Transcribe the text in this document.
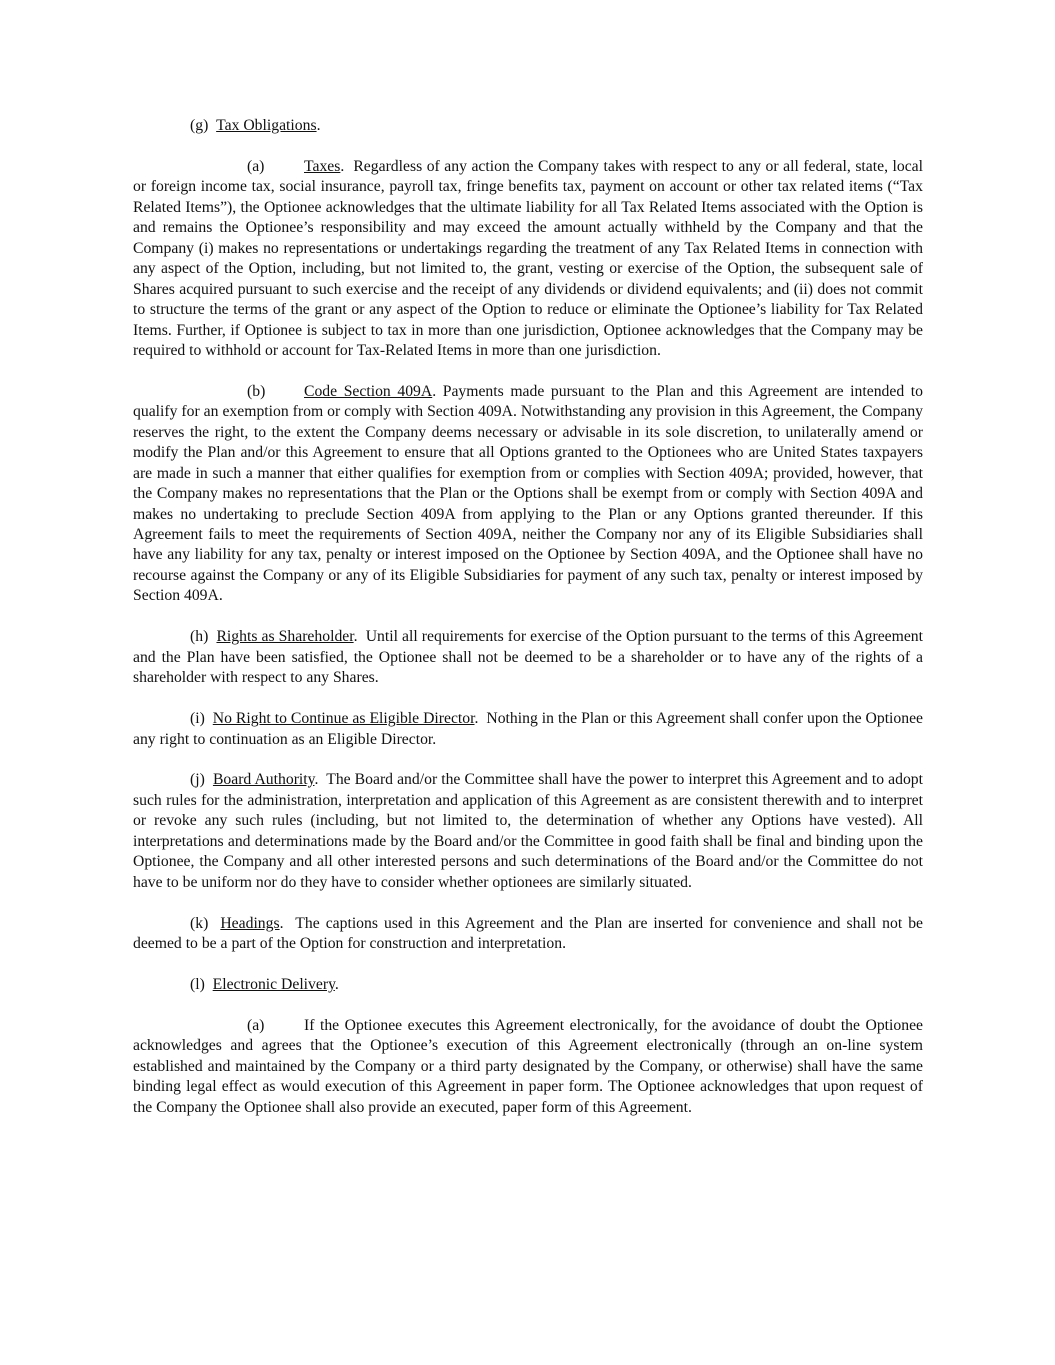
(g) Tax Obligations.

(a)	Taxes.  Regardless of any action the Company takes with respect to any or all federal, state, local or foreign income tax, social insurance, payroll tax, fringe benefits tax, payment on account or other tax related items (“Tax Related Items”), the Optionee acknowledges that the ultimate liability for all Tax Related Items associated with the Option is and remains the Optionee’s responsibility and may exceed the amount actually withheld by the Company and that the Company (i) makes no representations or undertakings regarding the treatment of any Tax Related Items in connection with any aspect of the Option, including, but not limited to, the grant, vesting or exercise of the Option, the subsequent sale of Shares acquired pursuant to such exercise and the receipt of any dividends or dividend equivalents; and (ii) does not commit to structure the terms of the grant or any aspect of the Option to reduce or eliminate the Optionee’s liability for Tax Related Items. Further, if Optionee is subject to tax in more than one jurisdiction, Optionee acknowledges that the Company may be required to withhold or account for Tax-Related Items in more than one jurisdiction.

(b) Code Section 409A. Payments made pursuant to the Plan and this Agreement are intended to qualify for an exemption from or comply with Section 409A. Notwithstanding any provision in this Agreement, the Company reserves the right, to the extent the Company deems necessary or advisable in its sole discretion, to unilaterally amend or modify the Plan and/or this Agreement to ensure that all Options granted to the Optionees who are United States taxpayers are made in such a manner that either qualifies for exemption from or complies with Section 409A; provided, however, that the Company makes no representations that the Plan or the Options shall be exempt from or comply with Section 409A and makes no undertaking to preclude Section 409A from applying to the Plan or any Options granted thereunder. If this Agreement fails to meet the requirements of Section 409A, neither the Company nor any of its Eligible Subsidiaries shall have any liability for any tax, penalty or interest imposed on the Optionee by Section 409A, and the Optionee shall have no recourse against the Company or any of its Eligible Subsidiaries for payment of any such tax, penalty or interest imposed by Section 409A.

(h) Rights as Shareholder.  Until all requirements for exercise of the Option pursuant to the terms of this Agreement and the Plan have been satisfied, the Optionee shall not be deemed to be a shareholder or to have any of the rights of a shareholder with respect to any Shares.

(i) No Right to Continue as Eligible Director.  Nothing in the Plan or this Agreement shall confer upon the Optionee any right to continuation as an Eligible Director.

(j) Board Authority.  The Board and/or the Committee shall have the power to interpret this Agreement and to adopt such rules for the administration, interpretation and application of this Agreement as are consistent therewith and to interpret or revoke any such rules (including, but not limited to, the determination of whether any Options have vested). All interpretations and determinations made by the Board and/or the Committee in good faith shall be final and binding upon the Optionee, the Company and all other interested persons and such determinations of the Board and/or the Committee do not have to be uniform nor do they have to consider whether optionees are similarly situated.

(k) Headings.  The captions used in this Agreement and the Plan are inserted for convenience and shall not be deemed to be a part of the Option for construction and interpretation.

(l) Electronic Delivery.

(a)	If the Optionee executes this Agreement electronically, for the avoidance of doubt the Optionee acknowledges and agrees that the Optionee’s execution of this Agreement electronically (through an on-line system established and maintained by the Company or a third party designated by the Company, or otherwise) shall have the same binding legal effect as would execution of this Agreement in paper form. The Optionee acknowledges that upon request of the Company the Optionee shall also provide an executed, paper form of this Agreement.
